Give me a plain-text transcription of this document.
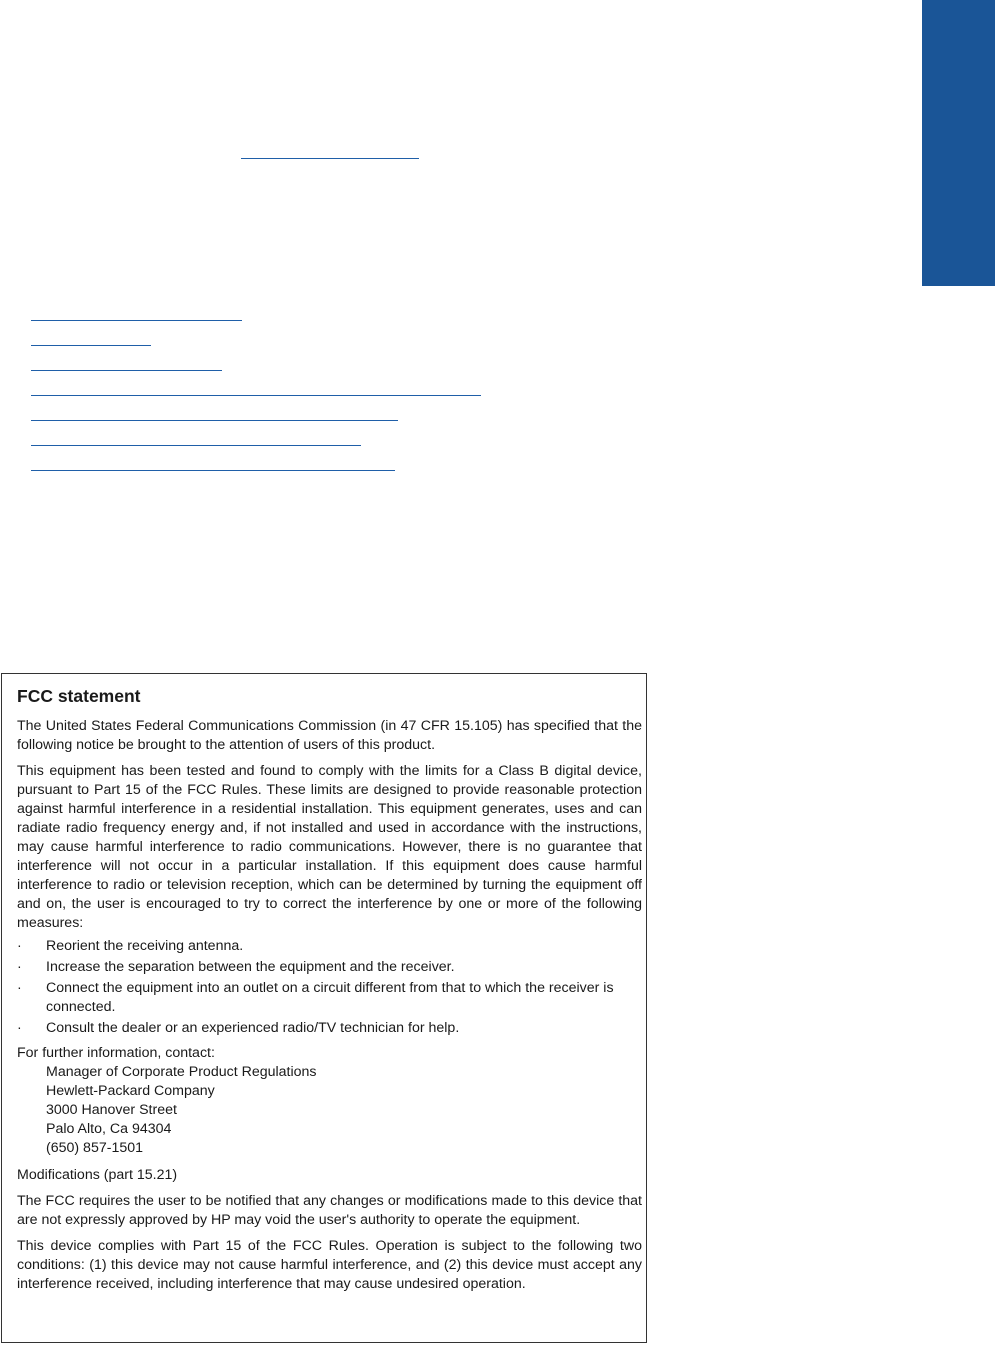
FCC statement

The United States Federal Communications Commission (in 47 CFR 15.105) has specified that the following notice be brought to the attention of users of this product.

This equipment has been tested and found to comply with the limits for a Class B digital device, pursuant to Part 15 of the FCC Rules. These limits are designed to provide reasonable protection against harmful interference in a residential installation. This equipment generates, uses and can radiate radio frequency energy and, if not installed and used in accordance with the instructions, may cause harmful interference to radio communications. However, there is no guarantee that interference will not occur in a particular installation. If this equipment does cause harmful interference to radio or television reception, which can be determined by turning the equipment off and on, the user is encouraged to try to correct the interference by one or more of the following measures:

· Reorient the receiving antenna.
· Increase the separation between the equipment and the receiver.
· Connect the equipment into an outlet on a circuit different from that to which the receiver is connected.
· Consult the dealer or an experienced radio/TV technician for help.

For further information, contact:

Manager of Corporate Product Regulations
Hewlett-Packard Company
3000 Hanover Street
Palo Alto, Ca 94304
(650) 857-1501

Modifications (part 15.21)

The FCC requires the user to be notified that any changes or modifications made to this device that are not expressly approved by HP may void the user's authority to operate the equipment.

This device complies with Part 15 of the FCC Rules. Operation is subject to the following two conditions: (1) this device may not cause harmful interference, and (2) this device must accept any interference received, including interference that may cause undesired operation.
